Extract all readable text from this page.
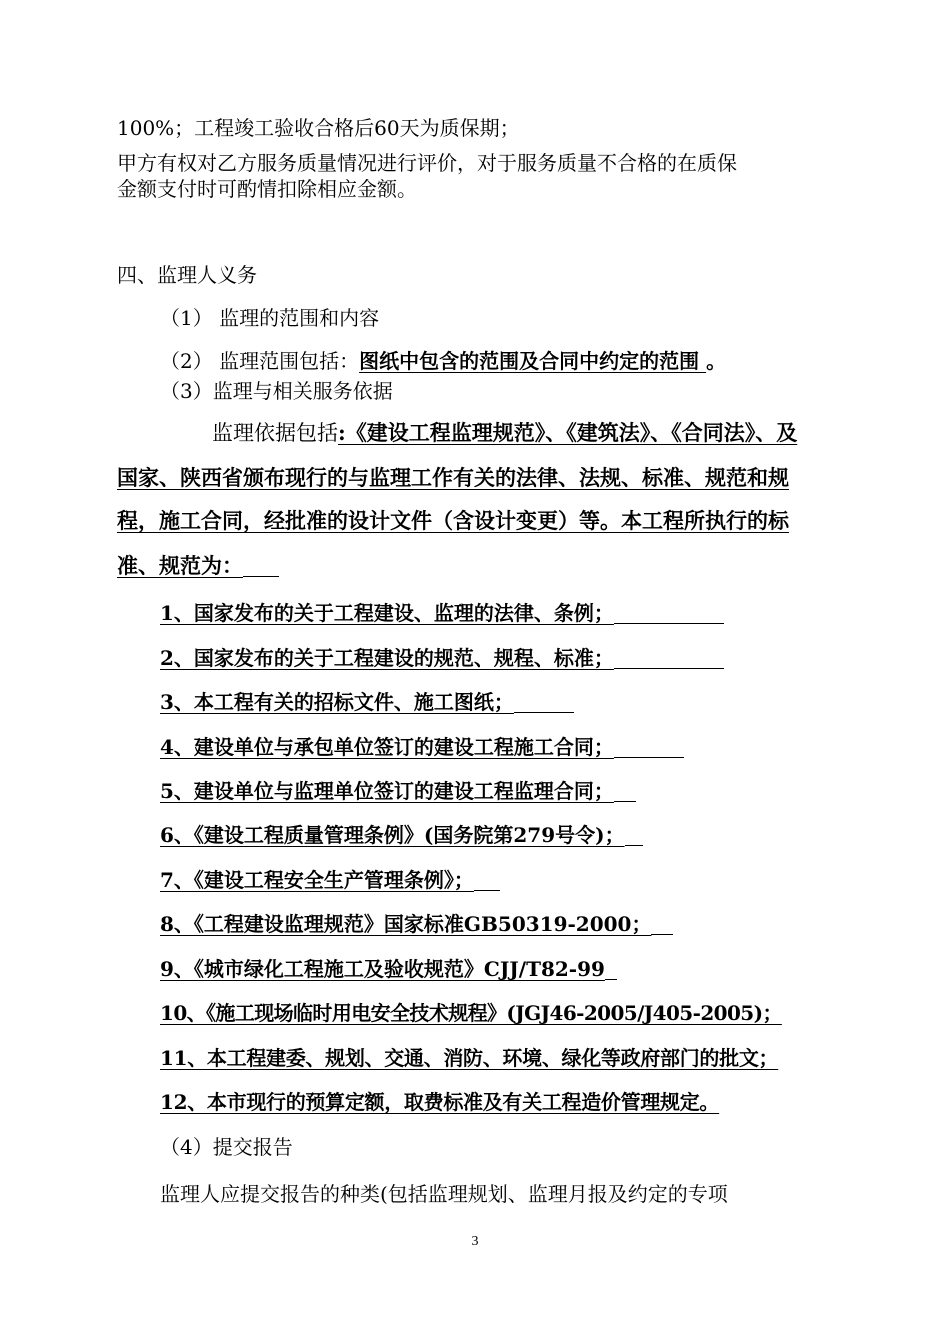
100%；工程竣工验收合格后60天为质保期；
甲方有权对乙方服务质量情况进行评价，对于服务质量不合格的在质保
金额支付时可酌情扣除相应金额。
四、监理人义务
（1） 监理的范围和内容
（2） 监理范围包括：图纸中包含的范围及合同中约定的范围 。
（3）监理与相关服务依据
监理依据包括:《建设工程监理规范》、《建筑法》、《合同法》、及
国家、陕西省颁布现行的与监理工作有关的法律、法规、标准、规范和规
程，施工合同，经批准的设计文件（含设计变更）等。本工程所执行的标
准、规范为：
1、国家发布的关于工程建设、监理的法律、条例；
2、国家发布的关于工程建设的规范、规程、标准；
3、本工程有关的招标文件、施工图纸；
4、建设单位与承包单位签订的建设工程施工合同；
5、建设单位与监理单位签订的建设工程监理合同；
6、《建设工程质量管理条例》(国务院第279号令)；
7、《建设工程安全生产管理条例》；
8、《工程建设监理规范》国家标准GB50319-2000；
9、《城市绿化工程施工及验收规范》CJJ/T82-99
10、《施工现场临时用电安全技术规程》(JGJ46-2005/J405-2005)；
11、本工程建委、规划、交通、消防、环境、绿化等政府部门的批文；
12、本市现行的预算定额，取费标准及有关工程造价管理规定。
（4）提交报告
监理人应提交报告的种类(包括监理规划、监理月报及约定的专项
3
